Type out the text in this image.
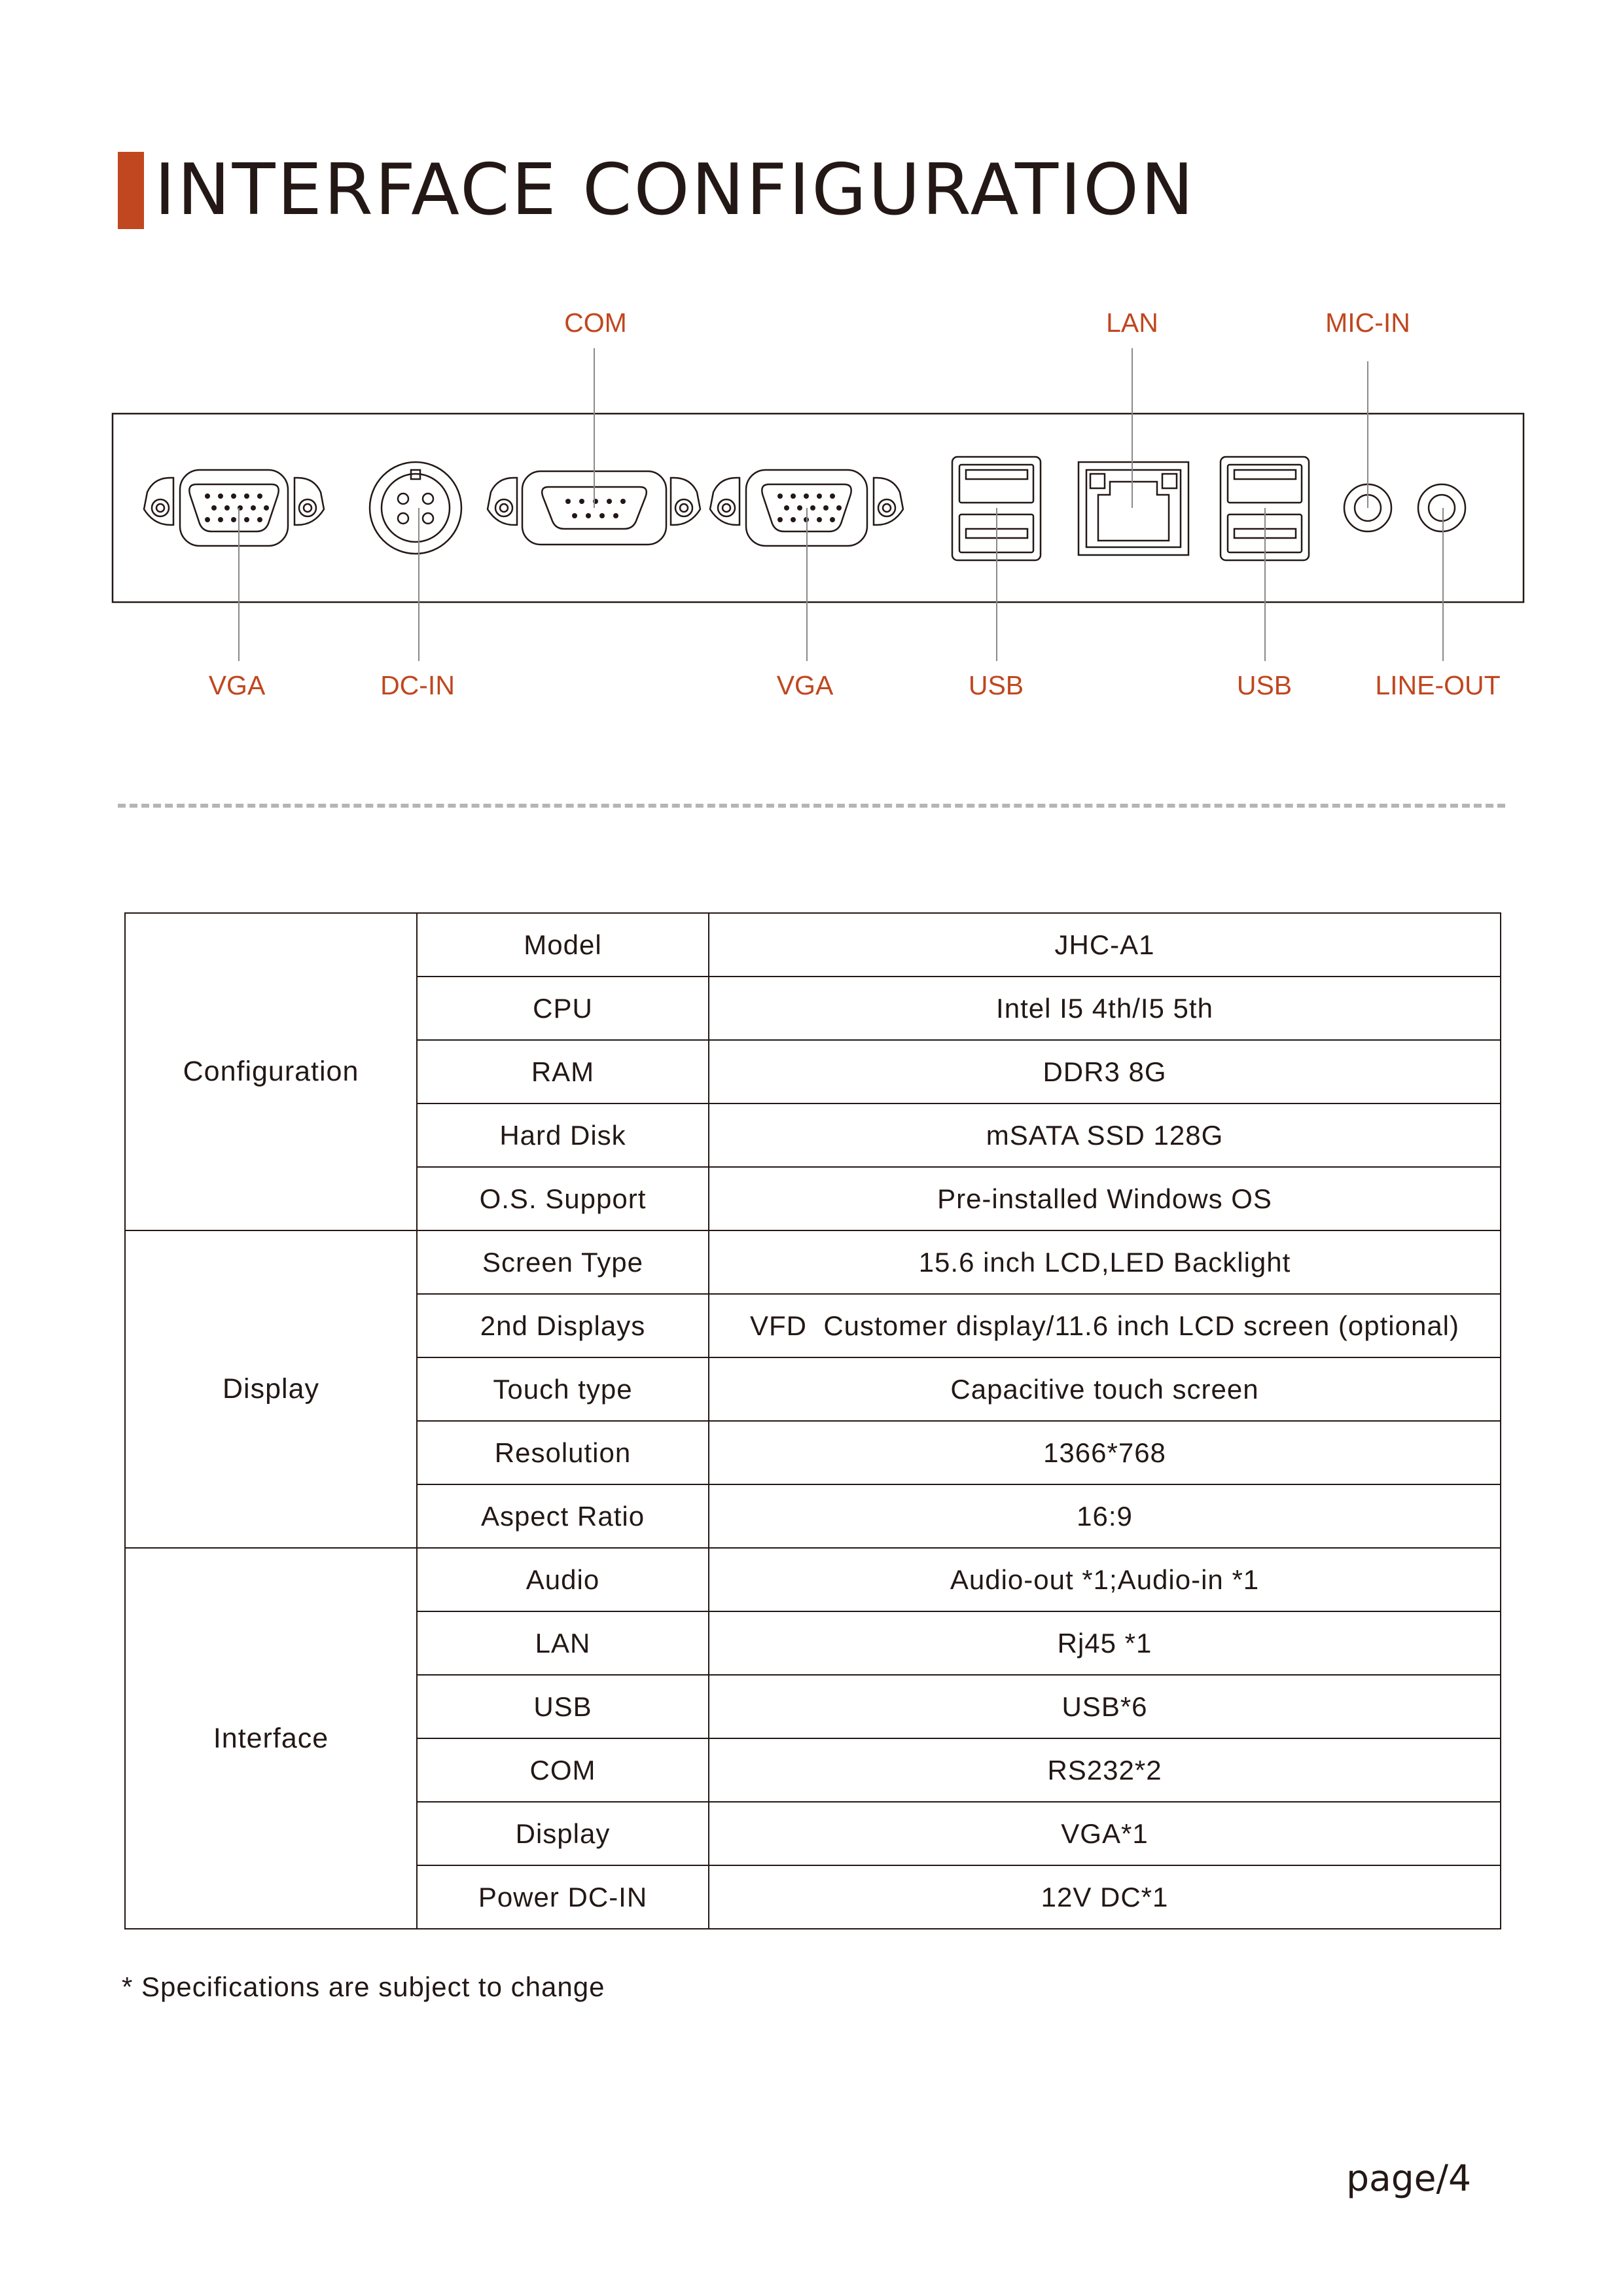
INTERFACE CONFIGURATION
COM	LAN	MIC-IN
VGA	DC-IN	VGA	USB	USB	LINE-OUT
Configuration	Model	JHC-A1
	CPU	Intel I5 4th/I5 5th
	RAM	DDR3 8G
	Hard Disk	mSATA SSD 128G
	O.S. Support	Pre-installed Windows OS
Display	Screen Type	15.6 inch LCD,LED Backlight
	2nd Displays	VFD  Customer display/11.6 inch LCD screen (optional)
	Touch type	Capacitive touch screen
	Resolution	1366*768
	Aspect Ratio	16:9
Interface	Audio	Audio-out *1;Audio-in *1
	LAN	Rj45 *1
	USB	USB*6
	COM	RS232*2
	Display	VGA*1
	Power DC-IN	12V DC*1
* Specifications are subject to change
page/4
